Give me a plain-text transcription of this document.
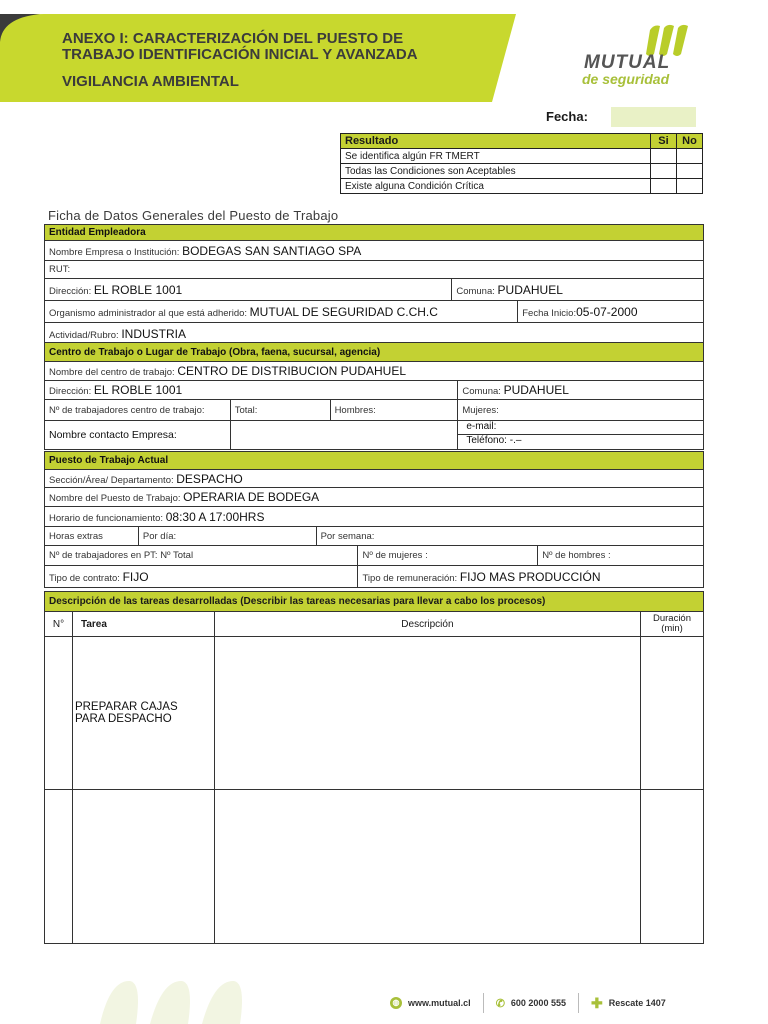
ANEXO I: CARACTERIZACIÓN DEL PUESTO DE
TRABAJO IDENTIFICACIÓN INICIAL Y AVANZADA
VIGILANCIA AMBIENTAL
MUTUAL
de seguridad
Fecha:
Resultado	Si	No
Se identifica algún FR TMERT		
Todas las Condiciones son Aceptables		
Existe alguna Condición Crítica		
Ficha de Datos Generales del Puesto de Trabajo
Entidad Empleadora		
Nombre Empresa o Institución: BODEGAS SAN SANTIAGO SPA		
RUT:		
Dirección: EL ROBLE 1001	Comuna: PUDAHUEL	
Organismo administrador al que está adherido: MUTUAL DE SEGURIDAD C.CH.C		Fecha Inicio:05-07-2000
Actividad/Rubro: INDUSTRIA		
Centro de Trabajo o Lugar de Trabajo (Obra, faena, sucursal, agencia)			
Nombre del centro de trabajo: CENTRO DE DISTRIBUCION PUDAHUEL			
Dirección: EL ROBLE 1001			Comuna: PUDAHUEL
Nº de trabajadores centro de trabajo:	Total:	Hombres:	Mujeres:
Nombre contacto Empresa:			e-mail:
Teléfono: -.–
Puesto de Trabajo Actual				
Sección/Área/ Departamento: DESPACHO				
Nombre del Puesto de Trabajo: OPERARIA DE BODEGA				
Horario de funcionamiento: 08:30 A 17:00HRS				
Horas extras	Por día:	Por semana:		
Nº de trabajadores en PT: Nº Total			Nº de mujeres :	Nº de hombres :
Tipo de contrato: FIJO			Tipo de remuneración: FIJO MAS PRODUCCIÓN	
Descripción de las tareas desarrolladas (Describir las tareas necesarias para llevar a cabo los procesos)			
N°	Tarea	Descripción	Duración
(min)

	PREPARAR CAJAS
PARA DESPACHO		

◍ www.mutual.cl ✆ 600 2000 555 ✚ Rescate 1407
